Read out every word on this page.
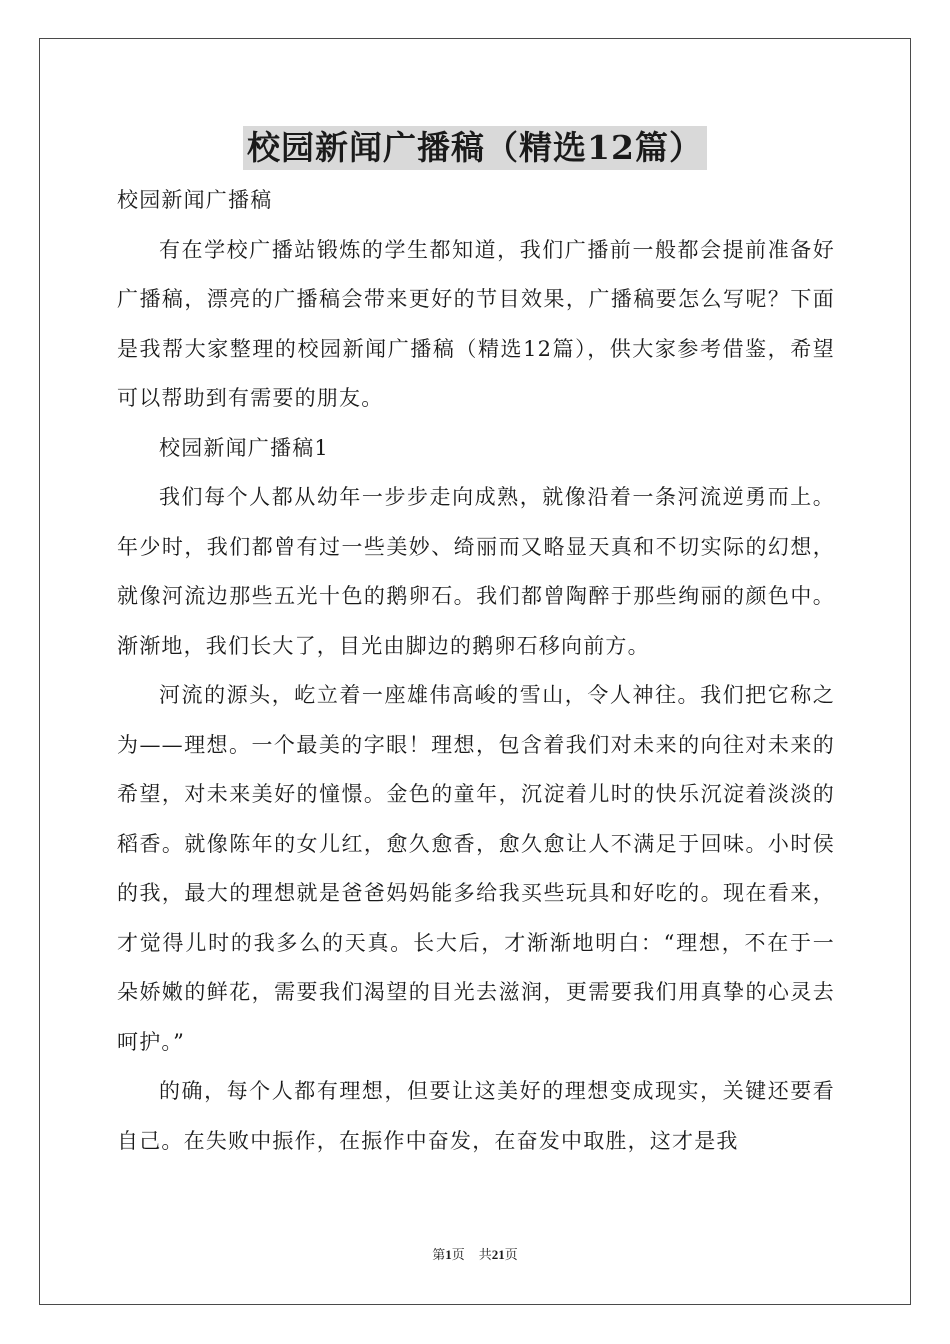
校园新闻广播稿（精选12篇）

校园新闻广播稿

有在学校广播站锻炼的学生都知道，我们广播前一般都会提前准备好广播稿，漂亮的广播稿会带来更好的节目效果，广播稿要怎么写呢？下面是我帮大家整理的校园新闻广播稿（精选12篇），供大家参考借鉴，希望可以帮助到有需要的朋友。

校园新闻广播稿1

我们每个人都从幼年一步步走向成熟，就像沿着一条河流逆勇而上。年少时，我们都曾有过一些美妙、绮丽而又略显天真和不切实际的幻想，就像河流边那些五光十色的鹅卵石。我们都曾陶醉于那些绚丽的颜色中。渐渐地，我们长大了，目光由脚边的鹅卵石移向前方。

河流的源头，屹立着一座雄伟高峻的雪山，令人神往。我们把它称之为——理想。一个最美的字眼！理想，包含着我们对未来的向往对未来的希望，对未来美好的憧憬。金色的童年，沉淀着儿时的快乐沉淀着淡淡的稻香。就像陈年的女儿红，愈久愈香，愈久愈让人不满足于回味。小时侯的我，最大的理想就是爸爸妈妈能多给我买些玩具和好吃的。现在看来，才觉得儿时的我多么的天真。长大后，才渐渐地明白：“理想，不在于一朵娇嫩的鲜花，需要我们渴望的目光去滋润，更需要我们用真挚的心灵去呵护。”

的确，每个人都有理想，但要让这美好的理想变成现实，关键还要看自己。在失败中振作，在振作中奋发，在奋发中取胜，这才是我

第1页 共21页
